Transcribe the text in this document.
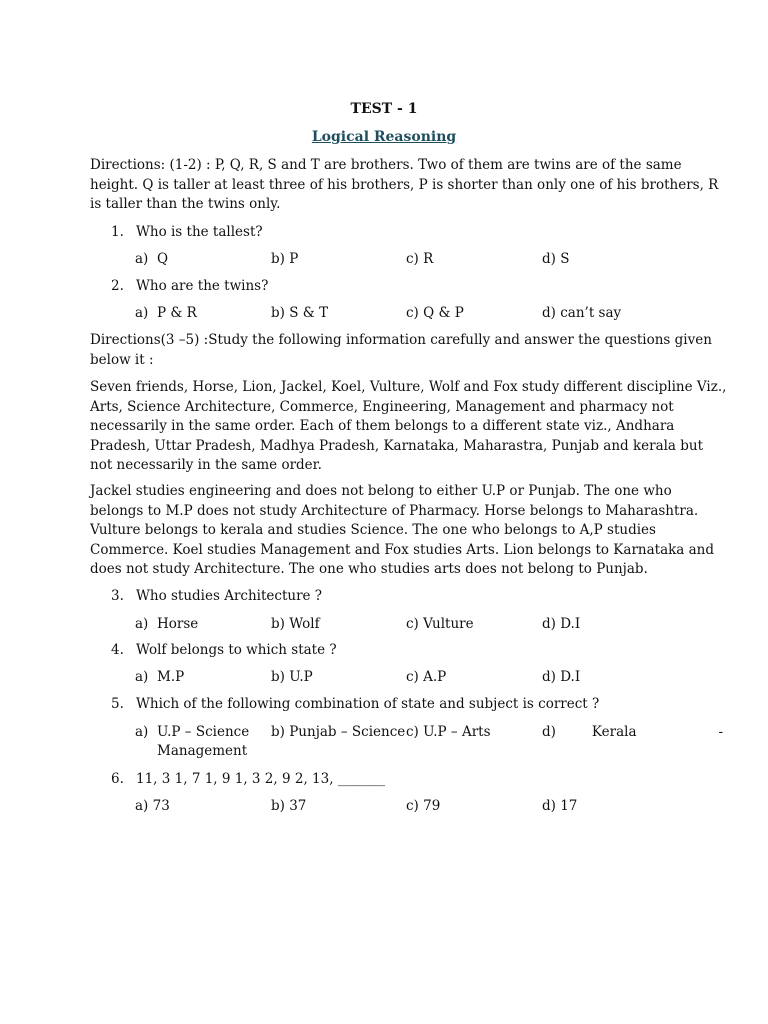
TEST - 1
Logical Reasoning
Directions: (1-2) : P, Q, R, S and T are brothers. Two of them are twins are of the same
height. Q is taller at least three of his brothers, P is shorter than only one of his brothers, R
is taller than the twins only.
1. Who is the tallest?
a) Q	b) P	c) R	d) S
2. Who are the twins?
a) P & R	b) S & T	c) Q & P	d) can’t say
Directions(3 –5) :Study the following information carefully and answer the questions given
below it :
Seven friends, Horse, Lion, Jackel, Koel, Vulture, Wolf and Fox study different discipline Viz.,
Arts, Science Architecture, Commerce, Engineering, Management and pharmacy not
necessarily in the same order. Each of them belongs to a different state viz., Andhara
Pradesh, Uttar Pradesh, Madhya Pradesh, Karnataka, Maharastra, Punjab and kerala but
not necessarily in the same order.
Jackel studies engineering and does not belong to either U.P or Punjab. The one who
belongs to M.P does not study Architecture of Pharmacy. Horse belongs to Maharashtra.
Vulture belongs to kerala and studies Science. The one who belongs to A,P studies
Commerce. Koel studies Management and Fox studies Arts. Lion belongs to Karnataka and
does not study Architecture. The one who studies arts does not belong to Punjab.
3. Who studies Architecture ?
a) Horse	b) Wolf	c) Vulture	d) D.I
4. Wolf belongs to which state ?
a) M.P	b) U.P	c) A.P	d) D.I
5. Which of the following combination of state and subject is correct ?
a) U.P – Science
Management
b) Punjab – Science c) U.P – Arts	d)	Kerala	-
6. 11, 3 1, 7 1, 9 1, 3 2, 9 2, 13, _______
a) 73	b) 37	c) 79	d) 17
